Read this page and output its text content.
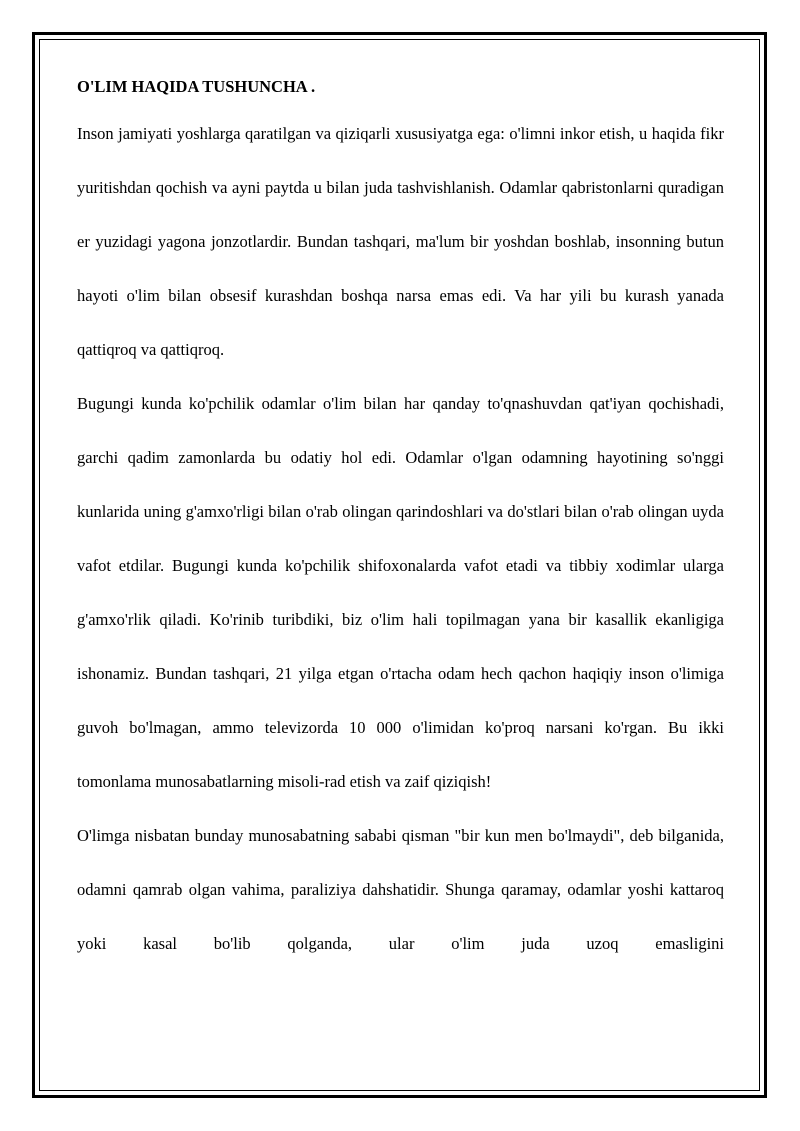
O'LIM HAQIDA TUSHUNCHA .

Inson jamiyati yoshlarga qaratilgan va qiziqarli xususiyatga ega: o'limni inkor etish, u haqida fikr yuritishdan qochish va ayni paytda u bilan juda tashvishlanish. Odamlar qabristonlarni quradigan er yuzidagi yagona jonzotlardir. Bundan tashqari, ma'lum bir yoshdan boshlab, insonning butun hayoti o'lim bilan obsesif kurashdan boshqa narsa emas edi. Va har yili bu kurash yanada qattiqroq va qattiqroq.

Bugungi kunda ko'pchilik odamlar o'lim bilan har qanday to'qnashuvdan qat'iyan qochishadi, garchi qadim zamonlarda bu odatiy hol edi. Odamlar o'lgan odamning hayotining so'nggi kunlarida uning g'amxo'rligi bilan o'rab olingan qarindoshlari va do'stlari bilan o'rab olingan uyda vafot etdilar. Bugungi kunda ko'pchilik shifoxonalarda vafot etadi va tibbiy xodimlar ularga g'amxo'rlik qiladi. Ko'rinib turibdiki, biz o'lim hali topilmagan yana bir kasallik ekanligiga ishonamiz. Bundan tashqari, 21 yilga etgan o'rtacha odam hech qachon haqiqiy inson o'limiga guvoh bo'lmagan, ammo televizorda 10 000 o'limidan ko'proq narsani ko'rgan. Bu ikki tomonlama munosabatlarning misoli-rad etish va zaif qiziqish!

O'limga nisbatan bunday munosabatning sababi qisman "bir kun men bo'lmaydi", deb bilganida, odamni qamrab olgan vahima, paraliziya dahshatidir. Shunga qaramay, odamlar yoshi kattaroq yoki kasal bo'lib qolganda, ular o'lim juda uzoq emasligini
